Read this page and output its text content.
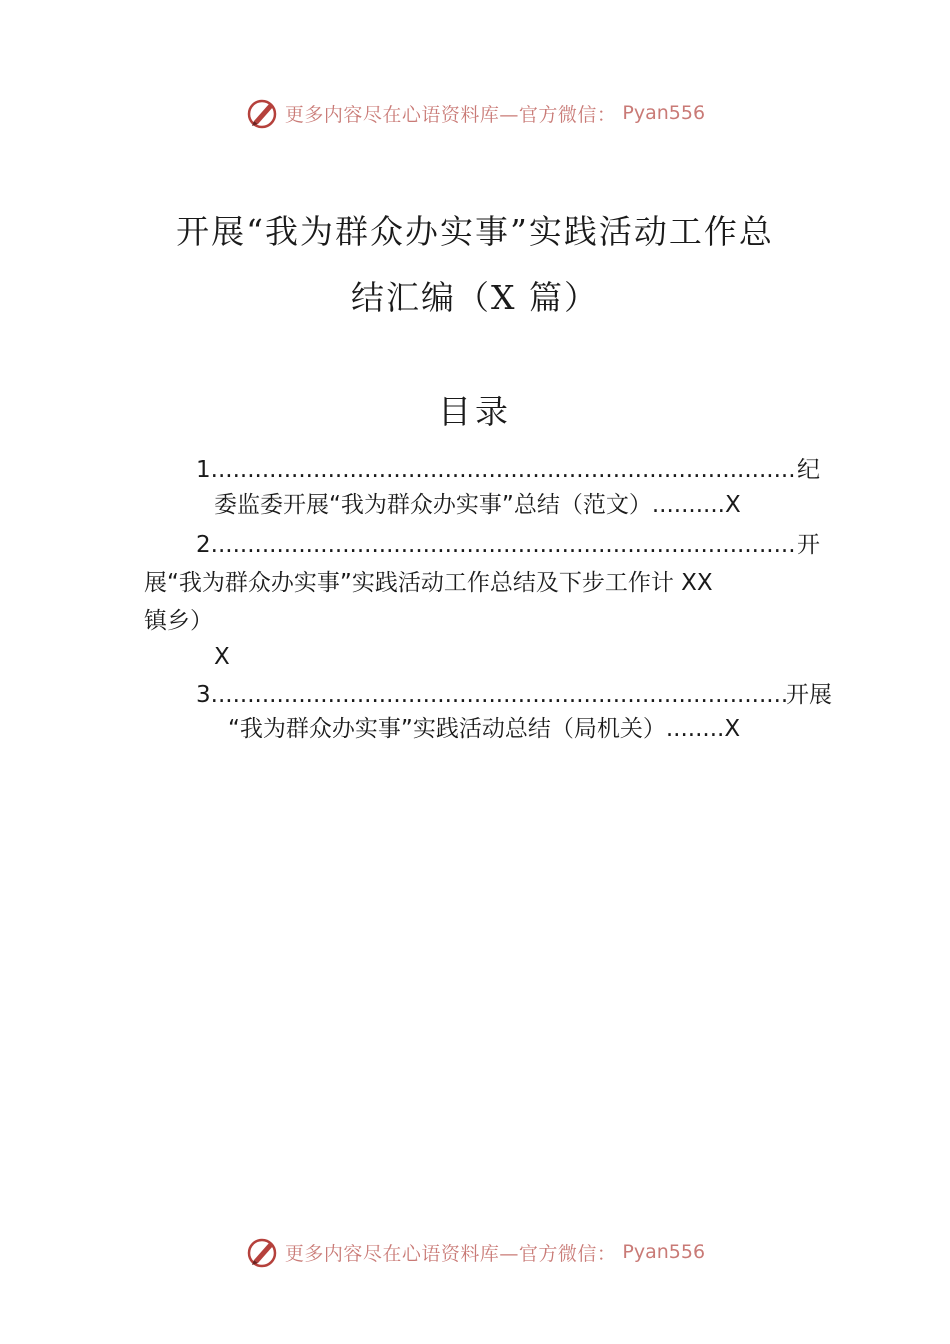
更多内容尽在心语资料库—官方微信： Pyan556
开展“我为群众办实事”实践活动工作总
结汇编（X 篇）
目录
1 .....	纪
委监委开展“我为群众办实事”总结（范文）..........X
2 .....	开
展“我为群众办实事”实践活动工作总结及下步工作计 XX
镇乡）
X
3 .....	开展
“我为群众办实事”实践活动总结（局机关）........X
更多内容尽在心语资料库—官方微信： Pyan556
